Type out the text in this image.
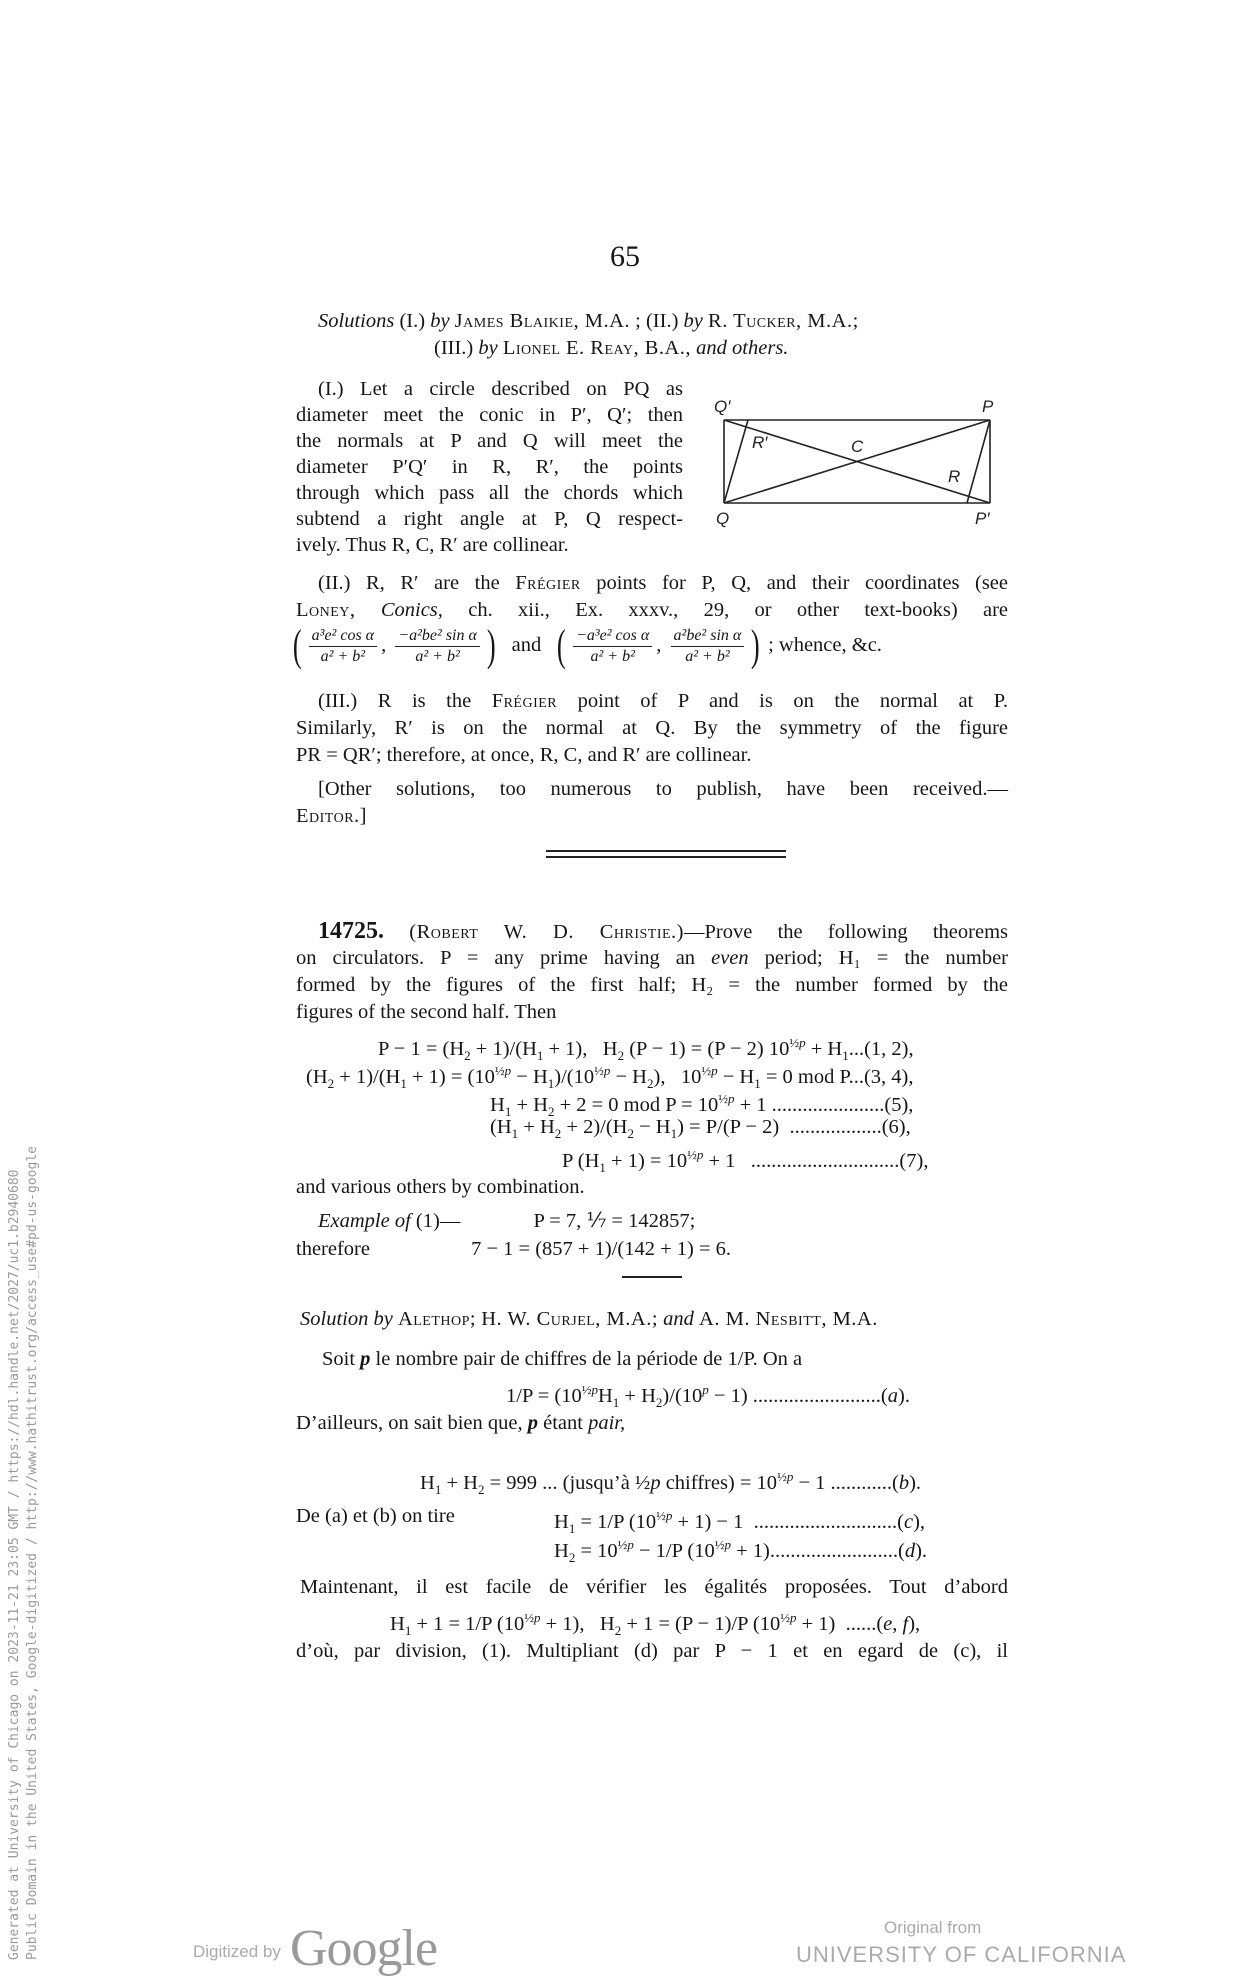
Generated at University of Chicago on 2023-11-21 23:05 GMT / https://hdl.handle.net/2027/uc1.b2940680 Public Domain in the United States, Google-digitized / http://www.hathitrust.org/access_use#pd-us-google
65
Solutions (I.) by James Blaikie, M.A. ; (II.) by R. Tucker, M.A.;
(III.) by Lionel E. Reay, B.A., and others.
(I.) Let a circle described on PQ as
diameter meet the conic in P′, Q′; then
the normals at P and Q will meet the
diameter P′Q′ in R, R′, the points
through which pass all the chords which
subtend a right angle at P, Q respect-
ively. Thus R, C, R′ are collinear.
Q′	P
R′	C
R
Q	P′
(II.) R, R′ are the Frégier points for P, Q, and their coordinates (see
Loney, Conics, ch. xii., Ex. xxxv., 29, or other text-books) are
( $\frac{\text{a³e² cos α}}{\text{a² + b²}}$ , $\frac{\text{−a²be² sin α}}{\text{a² + b²}}$ ) and ( $\frac{\text{−a³e² cos α}}{\text{a² + b²}}$ , $\frac{\text{a²be² sin α}}{\text{a² + b²}}$ ) ; whence, &c.
(III.) R is the Frégier point of P and is on the normal at P.
Similarly, R′ is on the normal at Q. By the symmetry of the figure
PR = QR′; therefore, at once, R, C, and R′ are collinear.
[Other solutions, too numerous to publish, have been received.—
Editor.]
14725. (Robert W. D. Christie.)—Prove the following theorems
on circulators. P = any prime having an even period; H₁ = the number
formed by the figures of the first half; H₂ = the number formed by the
figures of the second half. Then
$P - 1 = (H_2 + 1)/(H_1 + 1)$,   $H_2$ (P − 1) = (P − 2) $10^{\frac{1}{2}p} + H_1...(1$, 2),
$(H_2 + 1)/(H_1 + 1) = (10^{\frac{1}{2}p} - H_1)/(10^{\frac{1}{2}p} - H_2)$,   $10^{\frac{1}{2}p} - H_1 = 0$ mod P...(3, 4),
$H_1 + H_2 + 2 = 0$ mod $P = 10^{\frac{1}{2}p} + 1$ ......................(5),
$(H_1 + H_2 + 2)/(H_2 - H_1) = P/(P - 2)$  ..................(6),
P $(H_1 + 1) = 10^{\frac{1}{2}p} + 1$   .............................(7),
and various others by combination.
Example of (1)—	P = 7, ⅐ = 142857;
therefore	7 − 1 = (857 + 1)/(142 + 1) = 6.
Solution by Alethop; H. W. Curjel, M.A.; and A. M. Nesbitt, M.A.
Soit p le nombre pair de chiffres de la période de 1/P. On a
$1/P = (10^{\frac{1}{2}p}H_1 + H_2)/(10^p - 1)$ .........................(a).
D’ailleurs, on sait bien que, p étant pair,
$H_1 + H_2 = 999$ ... (jusqu’à ½p chiffres) = $10^{\frac{1}{2}p} - 1$ ............(b).
De (a) et (b) on tire	$H_1 = 1/P$ $(10^{\frac{1}{2}p} + 1) - 1$  ............................(c),
$H_2 = 10^{\frac{1}{2}p} - 1/P$ $(10^{\frac{1}{2}p} + 1).........................(d)$.
Maintenant, il est facile de vérifier les égalités proposées. Tout d’abord
$H_1 + 1 = 1/P$ $(10^{\frac{1}{2}p} + 1)$,   $H_2 + 1 = (P - 1)/P$ $(10^{\frac{1}{2}p} + 1)$  ......(e, f),
d’où, par division, (1). Multipliant (d) par P − 1 et en egard de (c), il
Digitized by Google	Original from
UNIVERSITY OF CALIFORNIA
